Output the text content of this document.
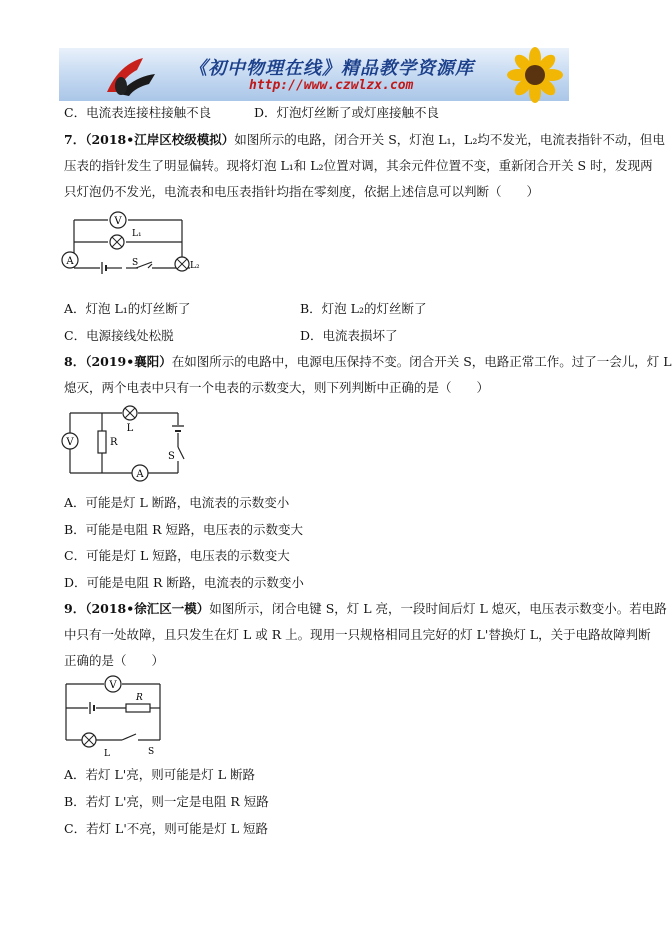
《初中物理在线》精品教学资源库
http://www.czwlzx.com
C．电流表连接柱接触不良	D．灯泡灯丝断了或灯座接触不良
7．（2018•江岸区校级模拟）如图所示的电路，闭合开关 S，灯泡 L₁，L₂均不发光，电流表指针不动，但电
压表的指针发生了明显偏转。现将灯泡 L₁和 L₂位置对调，其余元件位置不变，重新闭合开关 S 时，发现两
只灯泡仍不发光，电流表和电压表指针均指在零刻度，依据上述信息可以判断（　　）
V
L₁
A	S	L₂
A．灯泡 L₁的灯丝断了	B．灯泡 L₂的灯丝断了
C．电源接线处松脱	D．电流表损坏了
8．（2019•襄阳）在如图所示的电路中，电源电压保持不变。闭合开关 S，电路正常工作。过了一会儿，灯 L
熄灭，两个电表中只有一个电表的示数变大，则下列判断中正确的是（　　）
L
S
V	R
A
A．可能是灯 L 断路，电流表的示数变小
B．可能是电阻 R 短路，电压表的示数变大
C．可能是灯 L 短路，电压表的示数变大
D．可能是电阻 R 断路，电流表的示数变小
9．（2018•徐汇区一模）如图所示，闭合电键 S，灯 L 亮，一段时间后灯 L 熄灭，电压表示数变小。若电路
中只有一处故障，且只发生在灯 L 或 R 上。现用一只规格相同且完好的灯 L'替换灯 L，关于电路故障判断
正确的是（　　）
V
R
L	S
A．若灯 L'亮，则可能是灯 L 断路
B．若灯 L'亮，则一定是电阻 R 短路
C．若灯 L'不亮，则可能是灯 L 短路
